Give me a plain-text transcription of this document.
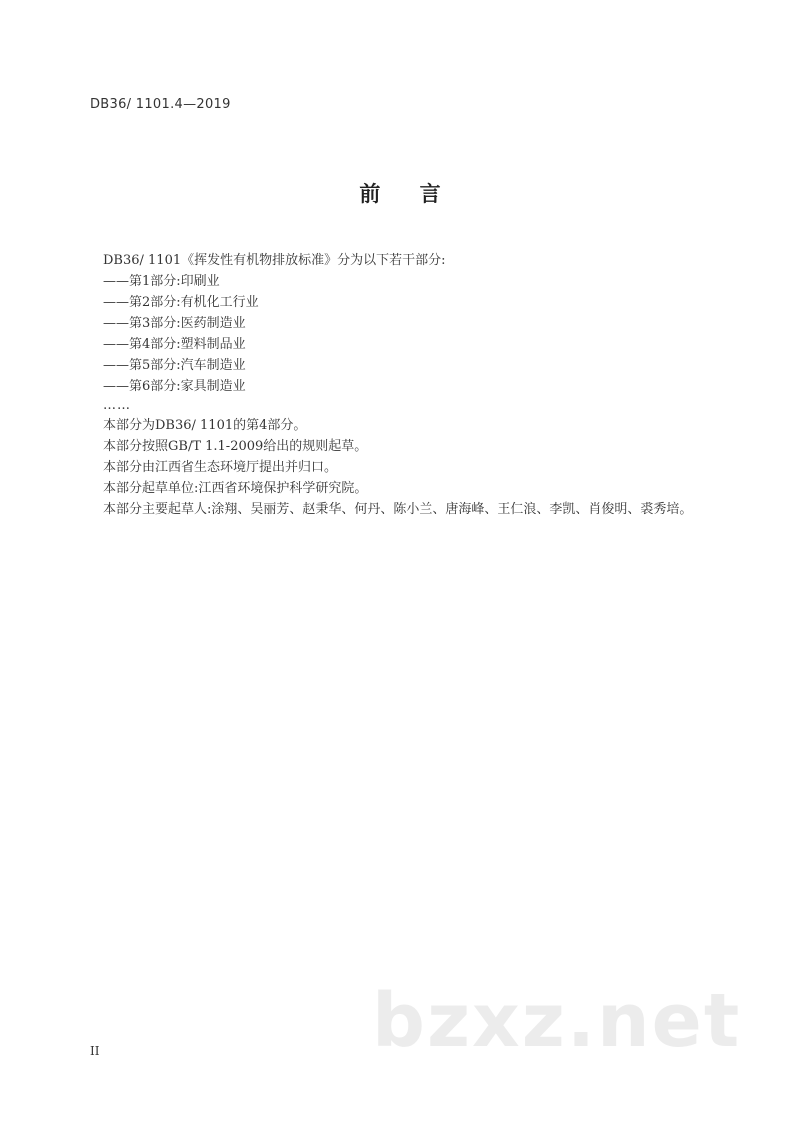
DB36/ 1101.4—2019
前 言

DB36/ 1101《挥发性有机物排放标准》分为以下若干部分:

——第1部分:印刷业

——第2部分:有机化工行业

——第3部分:医药制造业

——第4部分:塑料制品业

——第5部分:汽车制造业

——第6部分:家具制造业

……

本部分为DB36/ 1101的第4部分。

本部分按照GB/T 1.1-2009给出的规则起草。

本部分由江西省生态环境厅提出并归口。

本部分起草单位:江西省环境保护科学研究院。

本部分主要起草人:涂翔、吴丽芳、赵秉华、何丹、陈小兰、唐海峰、王仁浪、李凯、肖俊明、裘秀培。

II	bzxz.net
